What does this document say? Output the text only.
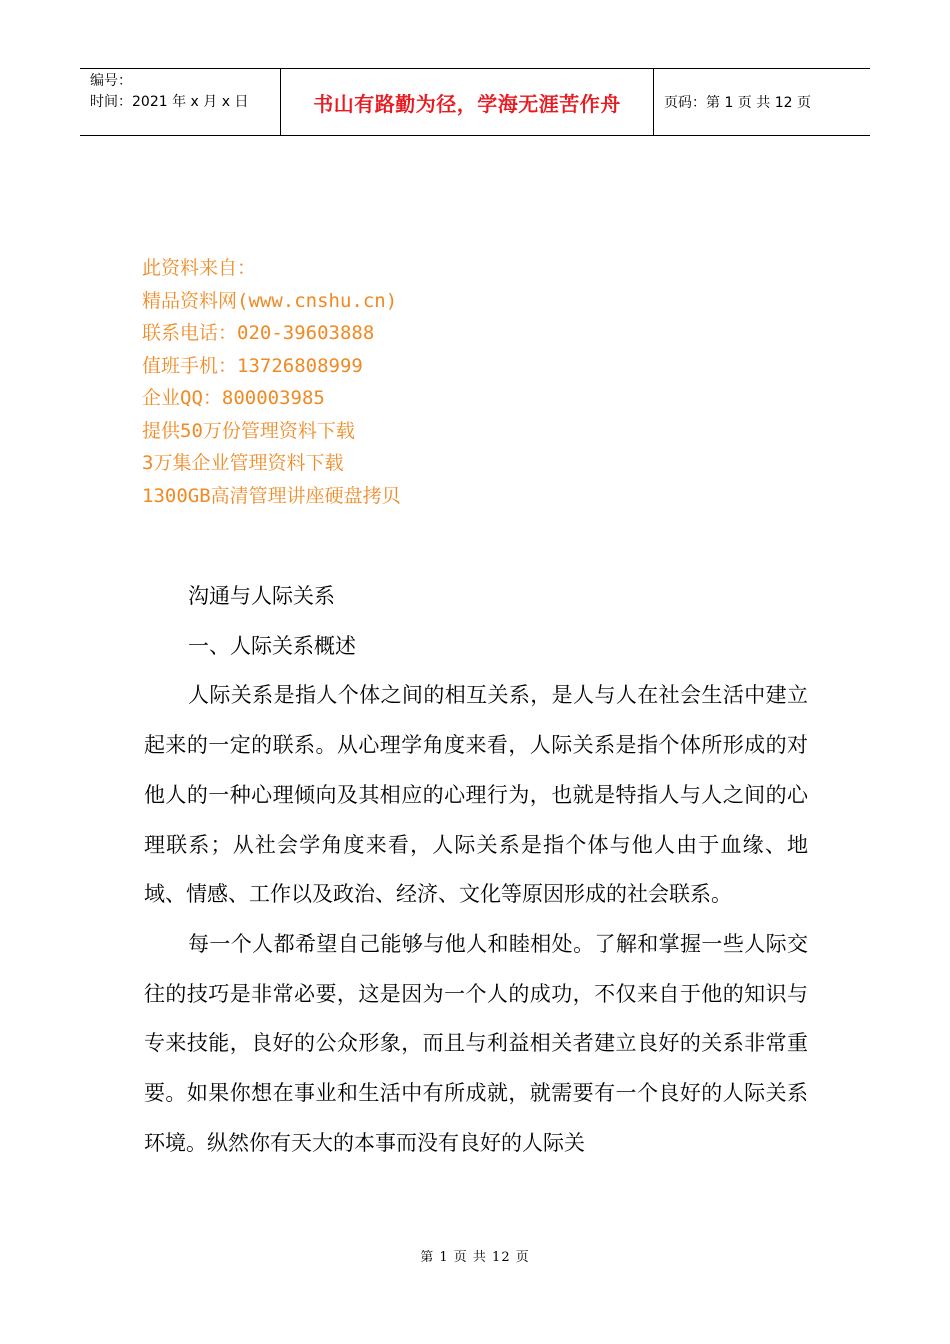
编号：
时间：2021 年 x 月 x 日	书山有路勤为径，学海无涯苦作舟	页码：第 1 页 共 12 页
此资料来自：
精品资料网(www.cnshu.cn)
联系电话：020-39603888
值班手机：13726808999
企业QQ：800003985
提供50万份管理资料下载
3万集企业管理资料下载
1300GB高清管理讲座硬盘拷贝

沟通与人际关系

一、人际关系概述

人际关系是指人个体之间的相互关系，是人与人在社会生活中建立起来的一定的联系。从心理学角度来看，人际关系是指个体所形成的对他人的一种心理倾向及其相应的心理行为，也就是特指人与人之间的心理联系；从社会学角度来看，人际关系是指个体与他人由于血缘、地域、情感、工作以及政治、经济、文化等原因形成的社会联系。

每一个人都希望自己能够与他人和睦相处。了解和掌握一些人际交往的技巧是非常必要，这是因为一个人的成功，不仅来自于他的知识与专来技能，良好的公众形象，而且与利益相关者建立良好的关系非常重要。如果你想在事业和生活中有所成就，就需要有一个良好的人际关系环境。纵然你有天大的本事而没有良好的人际关

第 1 页 共 12 页
